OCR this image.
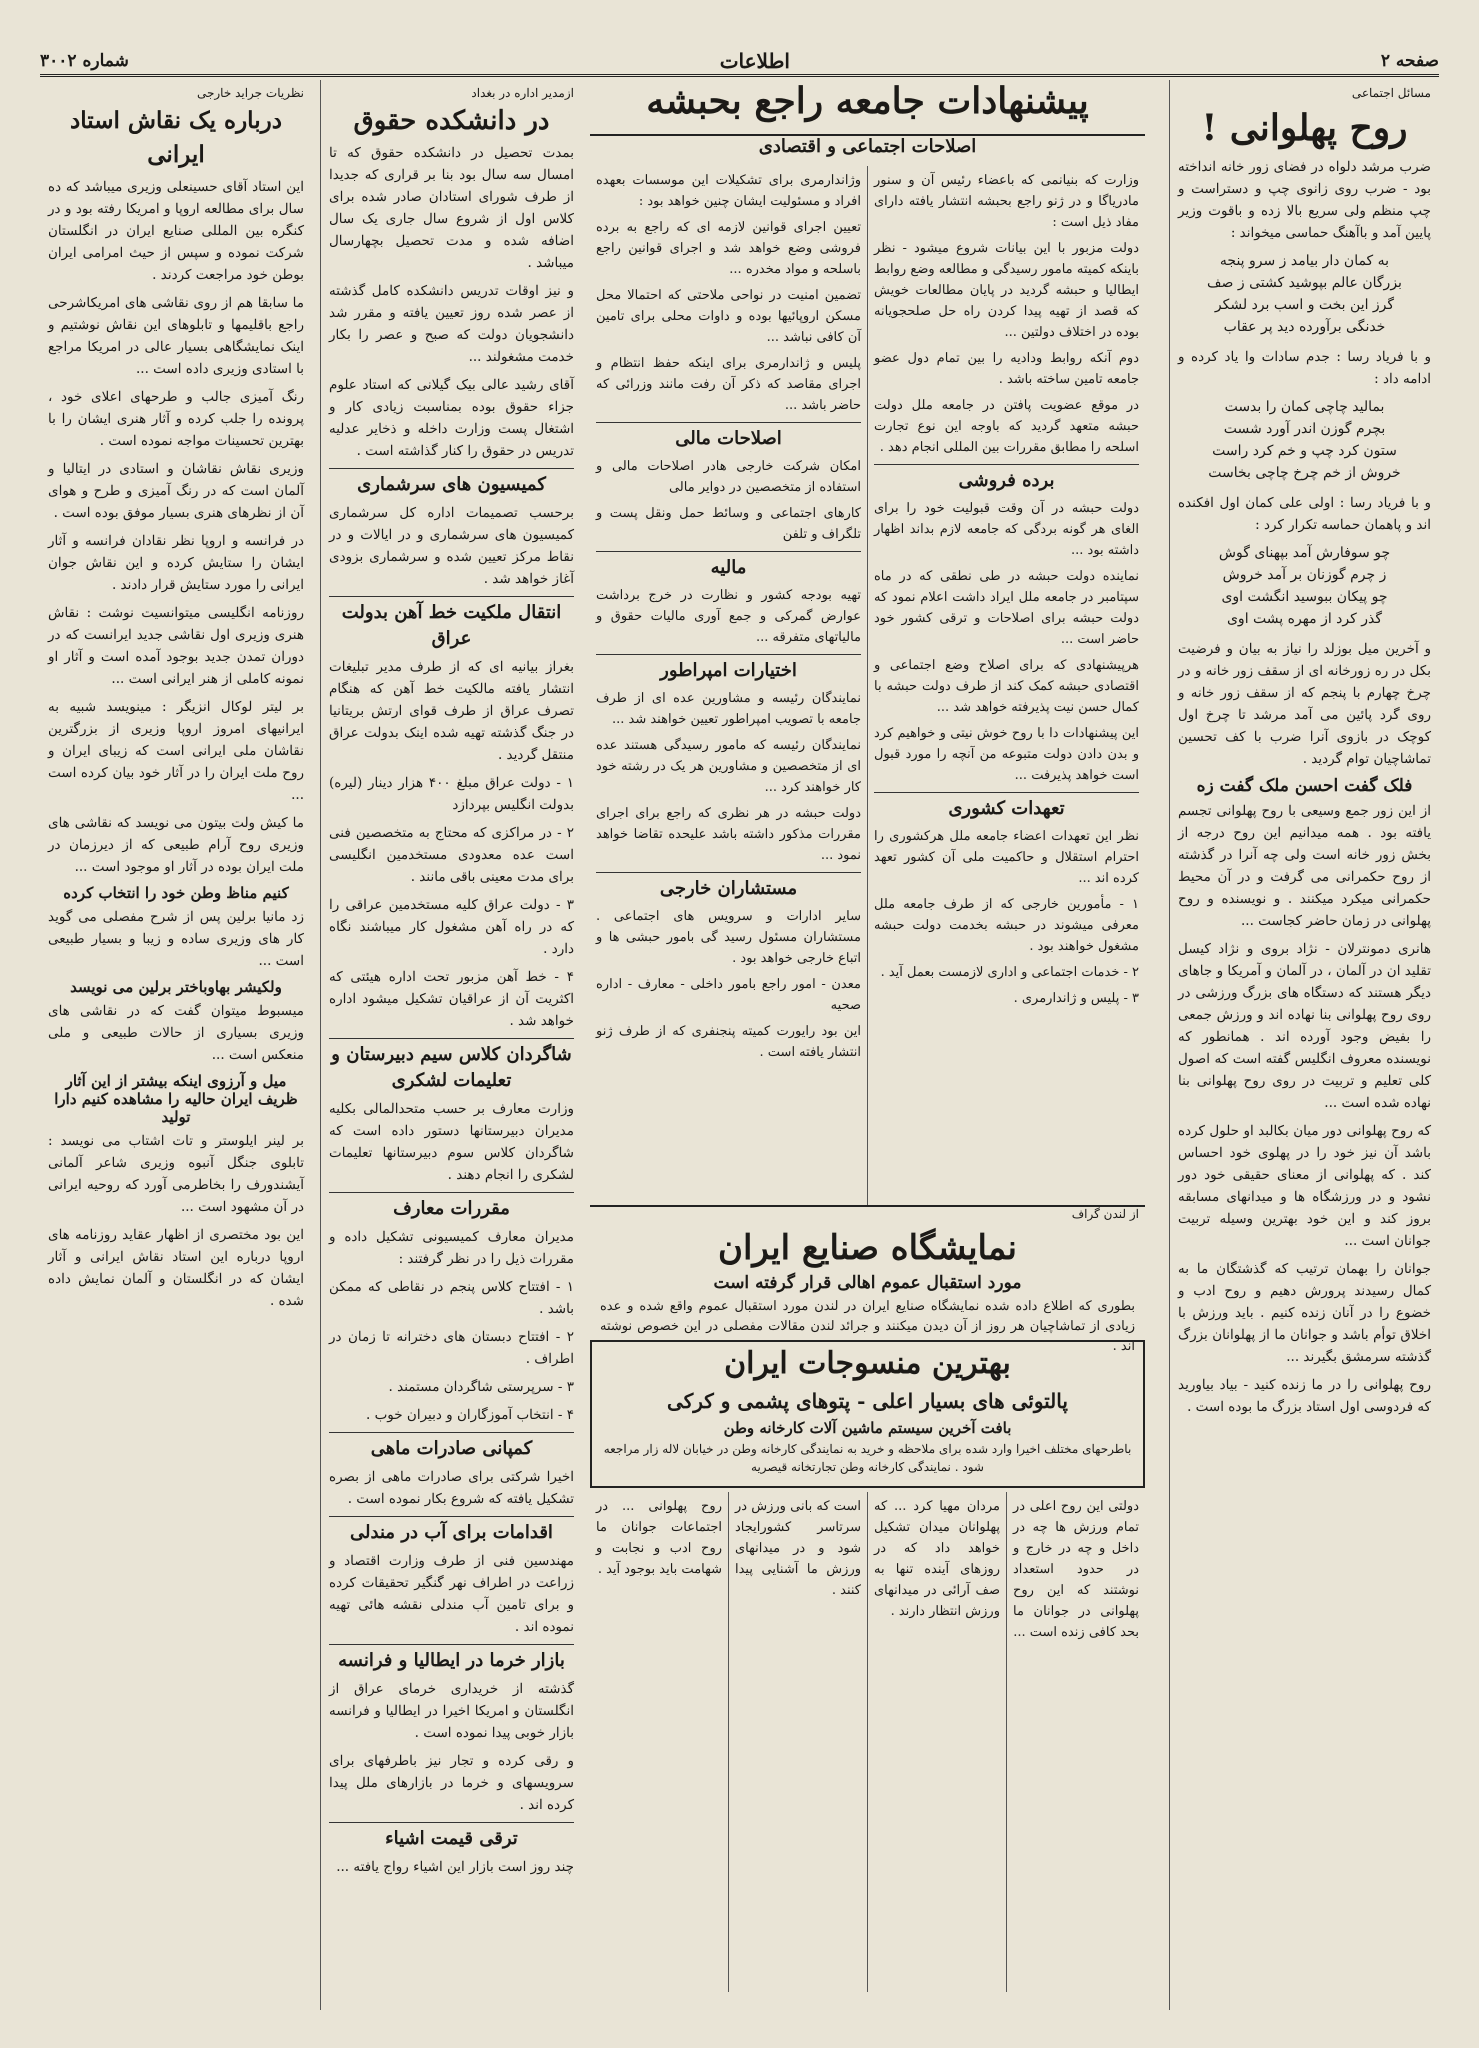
صفحه ۲
اطلاعات
شماره ۳۰۰۲
مسائل اجتماعی
روح پهلوانی !

ضرب مرشد دلواه در فضای زور خانه انداخته بود - ضرب روی زانوی چپ و دستراست و چپ منظم ولی سریع بالا زده و باقوت وزیر پایین آمد و باآهنگ حماسی میخواند :

به کمان دار بیامد ز سرو پنجه
بزرگان عالم بپوشید کشتی ز صف
گرز این بخت و اسب برد لشکر
خدنگی برآورده دید پر عقاب

و با فریاد رسا : جدم سادات وا یاد کرده و ادامه داد :

بمالید چاچی کمان را بدست
بچرم گوزن اندر آورد شست
ستون کرد چپ و خم کرد راست
خروش از خم چرخ چاچی بخاست

و با فریاد رسا : اولی علی کمان اول افکنده اند و پاهمان حماسه تکرار کرد :

چو سوفارش آمد بپهنای گوش
ز چرم گوزنان بر آمد خروش
چو پیکان ببوسید انگشت اوی
گذر کرد از مهره پشت اوی

و آخرین میل بوزلد را نیاز به بیان و فرضیت بکل در ره زورخانه ای از سقف زور خانه و در چرخ چهارم با پنجم که از سقف زور خانه و روی گرد پائین می آمد مرشد تا چرخ اول کوچک در بازوی آنرا ضرب با کف تحسین تماشاچیان توام گردید .

فلک گفت احسن ملک گفت زه

از این زور جمع وسیعی با روح پهلوانی تجسم یافته بود . همه میدانیم این روح درجه از بخش زور خانه است ولی چه آنرا در گذشته از روح حکمرانی می گرفت و در آن محیط حکمرانی میکرد میکنند . و نویسنده و روح پهلوانی در زمان حاضر کجاست ...

هانری دمونترلان - نژاد بروی و نژاد کیسل تقلید ان در آلمان ، در آلمان و آمریکا و جاهای دیگر هستند که دستگاه های بزرگ ورزشی در روی روح پهلوانی بنا نهاده اند و ورزش جمعی را بفیض وجود آورده اند . همانطور که نویسنده معروف انگلیس گفته است که اصول کلی تعلیم و تربیت در روی روح پهلوانی بنا نهاده شده است ...

که روح پهلوانی دور میان بکالبد او حلول کرده باشد آن نیز خود را در پهلوی خود احساس کند . که پهلوانی از معنای حقیقی خود دور نشود و در ورزشگاه ها و میدانهای مسابقه بروز کند و این خود بهترین وسیله تربیت جوانان است ...

جوانان را بهمان ترتیب که گذشتگان ما به کمال رسیدند پرورش دهیم و روح ادب و خضوع را در آنان زنده کنیم . باید ورزش با اخلاق توأم باشد و جوانان ما از پهلوانان بزرگ گذشته سرمشق بگیرند ...

روح پهلوانی را در ما زنده کنید - بیاد بیاورید که فردوسی اول استاد بزرگ ما بوده است .

پیشنهادات جامعه راجع بحبشه
اصلاحات اجتماعی و اقتصادی

وزارت که بنیانمی که باعضاء رئیس آن و سنور مادریاگا و در ژنو راجع بحبشه انتشار یافته دارای مفاد ذیل است :

دولت مزبور با این بیانات شروع میشود - نظر باینکه کمیته مامور رسیدگی و مطالعه وضع روابط ایطالیا و حبشه گردید در پایان مطالعات خویش که قصد از تهیه پیدا کردن راه حل صلحجویانه بوده در اختلاف دولتین ...

دوم آنکه روابط ودادیه را بین تمام دول عضو جامعه تامین ساخته باشد .

در موقع عضویت پافتن در جامعه ملل دولت حبشه متعهد گردید که باوجه این نوع تجارت اسلحه را مطابق مقررات بین المللی انجام دهد .

برده فروشی

دولت حبشه در آن وقت قبولیت خود را برای الغای هر گونه بردگی که جامعه لازم بداند اظهار داشته بود ...

نماینده دولت حبشه در طی نطقی که در ماه سپتامبر در جامعه ملل ایراد داشت اعلام نمود که دولت حبشه برای اصلاحات و ترقی کشور خود حاضر است ...

هرپیشنهادی که برای اصلاح وضع اجتماعی و اقتصادی حبشه کمک کند از طرف دولت حبشه با کمال حسن نیت پذیرفته خواهد شد ...

این پیشنهادات دا با روح خوش نیتی و خواهیم کرد و بدن دادن دولت متبوعه من آنچه را مورد قبول است خواهد پذیرفت ...

تعهدات کشوری

نظر این تعهدات اعضاء جامعه ملل هرکشوری را احترام استقلال و حاکمیت ملی آن کشور تعهد کرده اند ...

۱ - مأمورین خارجی که از طرف جامعه ملل معرفی میشوند در حبشه بخدمت دولت حبشه مشغول خواهند بود .

۲ - خدمات اجتماعی و اداری لازمست بعمل آید .

۳ - پلیس و ژاندارمری .

وژاندارمری برای تشکیلات این موسسات بعهده افراد و مسئولیت ایشان چنین خواهد بود :

تعیین اجرای قوانین لازمه ای که راجع به برده فروشی وضع خواهد شد و اجرای قوانین راجع باسلحه و مواد مخدره ...

تضمین امنیت در نواحی ملاحتی که احتمالا محل مسکن اروپائیها بوده و داوات محلی برای تامین آن کافی نباشد ...

پلیس و ژاندارمری برای اینکه حفظ انتظام و اجرای مقاصد که ذکر آن رفت مانند وزرائی که حاضر باشد ...

اصلاحات مالی

امکان شرکت خارجی هادر اصلاحات مالی و استفاده از متخصصین در دوایر مالی

کارهای اجتماعی و وسائط حمل ونقل پست و تلگراف و تلفن

مالیه

تهیه بودجه کشور و نظارت در خرج برداشت عوارض گمرکی و جمع آوری مالیات حقوق و مالیاتهای متفرقه ...

اختیارات امپراطور

نمایندگان رئیسه و مشاورین عده ای از طرف جامعه با تصویب امپراطور تعیین خواهند شد ...

نمایندگان رئیسه که مامور رسیدگی هستند عده ای از متخصصین و مشاورین هر یک در رشته خود کار خواهند کرد ...

دولت حبشه در هر نظری که راجع برای اجرای مقررات مذکور داشته باشد علیحده تقاضا خواهد نمود ...

مستشاران خارجی

سایر ادارات و سرویس های اجتماعی . مستشاران مسئول رسید گی بامور حبشی ها و اتباع خارجی خواهد بود .

معدن - امور راجع بامور داخلی - معارف - اداره صحیه

این بود رایورت کمیته پنجنفری که از طرف ژنو انتشار یافته است .

از لندن گراف
نمایشگاه صنایع ایران
مورد استقبال عموم اهالی قرار گرفته است
بطوری که اطلاع داده شده نمایشگاه صنایع ایران در لندن مورد استقبال عموم واقع شده و عده زیادی از تماشاچیان هر روز از آن دیدن میکنند و جرائد لندن مقالات مفصلی در این خصوص نوشته اند .
بهترین منسوجات ایران
پالتوئی های بسیار اعلی - پتوهای پشمی و کرکی
بافت آخرین سیستم ماشین آلات کارخانه وطن
باطرحهای مختلف اخیرا وارد شده برای ملاحظه و خرید به نمایندگی کارخانه وطن در خیابان لاله زار مراجعه شود . نمایندگی کارخانه وطن تجارتخانه قیصریه

دولتی این روح اعلی در تمام ورزش ها چه در داخل و چه در خارج و در حدود استعداد نوشتند که این روح پهلوانی در جوانان ما بحد کافی زنده است ...

مردان مهیا کرد ... که پهلوانان میدان تشکیل خواهد داد که در روزهای آینده تنها به صف آرائی در میدانهای ورزش انتظار دارند .

است که بانی ورزش در سرتاسر کشورایجاد شود و در میدانهای ورزش ما آشنایی پیدا کنند .

روح پهلوانی ... در اجتماعات جوانان ما روح ادب و نجابت و شهامت باید بوجود آید .

ازمدیر اداره در بغداد
در دانشکده حقوق

بمدت تحصیل در دانشکده حقوق که تا امسال سه سال بود بنا بر قراری که جدیدا از طرف شورای استادان صادر شده برای کلاس اول از شروع سال جاری یک سال اضافه شده و مدت تحصیل بچهارسال میباشد .

و نیز اوقات تدریس دانشکده کامل گذشته از عصر شده روز تعیین یافته و مقرر شد دانشجویان دولت که صبح و عصر را بکار خدمت مشغولند ...

آقای رشید عالی بیک گیلانی که استاد علوم جزاء حقوق بوده بمناسبت زیادی کار و اشتغال پست وزارت داخله و ذخایر عدلیه تدریس در حقوق را کنار گذاشته است .

کمیسیون های سرشماری

برحسب تصمیمات اداره کل سرشماری کمیسیون های سرشماری و در ایالات و در نقاط مرکز تعیین شده و سرشماری بزودی آغاز خواهد شد .

انتقال ملکیت خط آهن بدولت عراق

بغراز بیانیه ای که از طرف مدیر تبلیغات انتشار یافته مالکیت خط آهن که هنگام تصرف عراق از طرف قوای ارتش بریتانیا در جنگ گذشته تهیه شده اینک بدولت عراق منتقل گردید .

۱ - دولت عراق مبلغ ۴۰۰ هزار دینار (لیره) بدولت انگلیس بپردازد

۲ - در مراکزی که محتاج به متخصصین فنی است عده معدودی مستخدمین انگلیسی برای مدت معینی باقی مانند .

۳ - دولت عراق کلیه مستخدمین عراقی را که در راه آهن مشغول کار میباشند نگاه دارد .

۴ - خط آهن مزبور تحت اداره هیئتی که اکثریت آن از عراقیان تشکیل میشود اداره خواهد شد .

شاگردان کلاس سیم دبیرستان و تعلیمات لشکری

وزارت معارف بر حسب متحدالمالی بکلیه مدیران دبیرستانها دستور داده است که شاگردان کلاس سوم دبیرستانها تعلیمات لشکری را انجام دهند .

مقررات معارف

مدیران معارف کمیسیونی تشکیل داده و مقررات ذیل را در نظر گرفتند :

۱ - افتتاح کلاس پنجم در نقاطی که ممکن باشد .

۲ - افتتاح دبستان های دخترانه تا زمان در اطراف .

۳ - سرپرستی شاگردان مستمند .

۴ - انتخاب آموزگاران و دبیران خوب .

کمپانی صادرات ماهی

اخیرا شرکتی برای صادرات ماهی از بصره تشکیل یافته که شروع بکار نموده است .

اقدامات برای آب در مندلی

مهندسین فنی از طرف وزارت اقتصاد و زراعت در اطراف نهر گنگیر تحقیقات کرده و برای تامین آب مندلی نقشه هائی تهیه نموده اند .

بازار خرما در ایطالیا و فرانسه

گذشته از خریداری خرمای عراق از انگلستان و امریکا اخیرا در ایطالیا و فرانسه بازار خوبی پیدا نموده است .

و رقی کرده و تجار نیز باطرفهای برای سرویسهای و خرما در بازارهای ملل پیدا کرده اند .

ترقی قیمت اشیاء

چند روز است بازار این اشیاء رواج یافته ...

نظریات جراید خارجی
درباره یک نقاش استاد ایرانی

این استاد آقای حسینعلی وزیری میباشد که ده سال برای مطالعه اروپا و امریکا رفته بود و در کنگره بین المللی صنایع ایران در انگلستان شرکت نموده و سپس از حیث امرامی ایران بوطن خود مراجعت کردند .

ما سابقا هم از روی نقاشی های امریکاشرحی راجع باقلیمها و تابلوهای این نقاش نوشتیم و اینک نمایشگاهی بسیار عالی در امریکا مراجع با استادی وزیری داده است ...

رنگ آمیزی جالب و طرحهای اعلای خود ، پرونده را جلب کرده و آثار هنری ایشان را با بهترین تحسینات مواجه نموده است .

وزیری نقاش نقاشان و استادی در ایتالیا و آلمان است که در رنگ آمیزی و طرح و هوای آن از نظرهای هنری بسیار موفق بوده است .

در فرانسه و اروپا نظر نقادان فرانسه و آثار ایشان را ستایش کرده و این نقاش جوان ایرانی را مورد ستایش قرار دادند .

روزنامه انگلیسی میتوانسیت نوشت : نقاش هنری وزیری اول نقاشی جدید ایرانست که در دوران تمدن جدید بوجود آمده است و آثار او نمونه کاملی از هنر ایرانی است ...

بر لیتر لوکال انزیگر : مینویسد شبیه به ایرانیهای امروز اروپا وزیری از بزرگترین نقاشان ملی ایرانی است که زیبای ایران و روح ملت ایران را در آثار خود بیان کرده است ...

ما کیش ولت بیتون می نویسد که نقاشی های وزیری روح آرام طبیعی که از دیرزمان در ملت ایران بوده در آثار او موجود است ...

کنیم مناظ وطن خود را انتخاب کرده

زد مانیا برلین پس از شرح مفصلی می گوید کار های وزیری ساده و زیبا و بسیار طبیعی است ...

ولکیشر بهاوباختر برلین می نویسد

میسبوط میتوان گفت که در نقاشی های وزیری بسیاری از حالات طبیعی و ملی منعکس است ...

میل و آرزوی اینکه بیشتر از این آثار ظریف ایران حالیه را مشاهده کنیم دارا تولید

بر لینر ایلوستر و تات اشتاب می نویسد : تابلوی جنگل آنبوه وزیری شاعر آلمانی آیشندورف را بخاطرمی آورد که روحیه ایرانی در آن مشهود است ...

این بود مختصری از اظهار عقاید روزنامه های اروپا درباره این استاد نقاش ایرانی و آثار ایشان که در انگلستان و آلمان نمایش داده شده .
